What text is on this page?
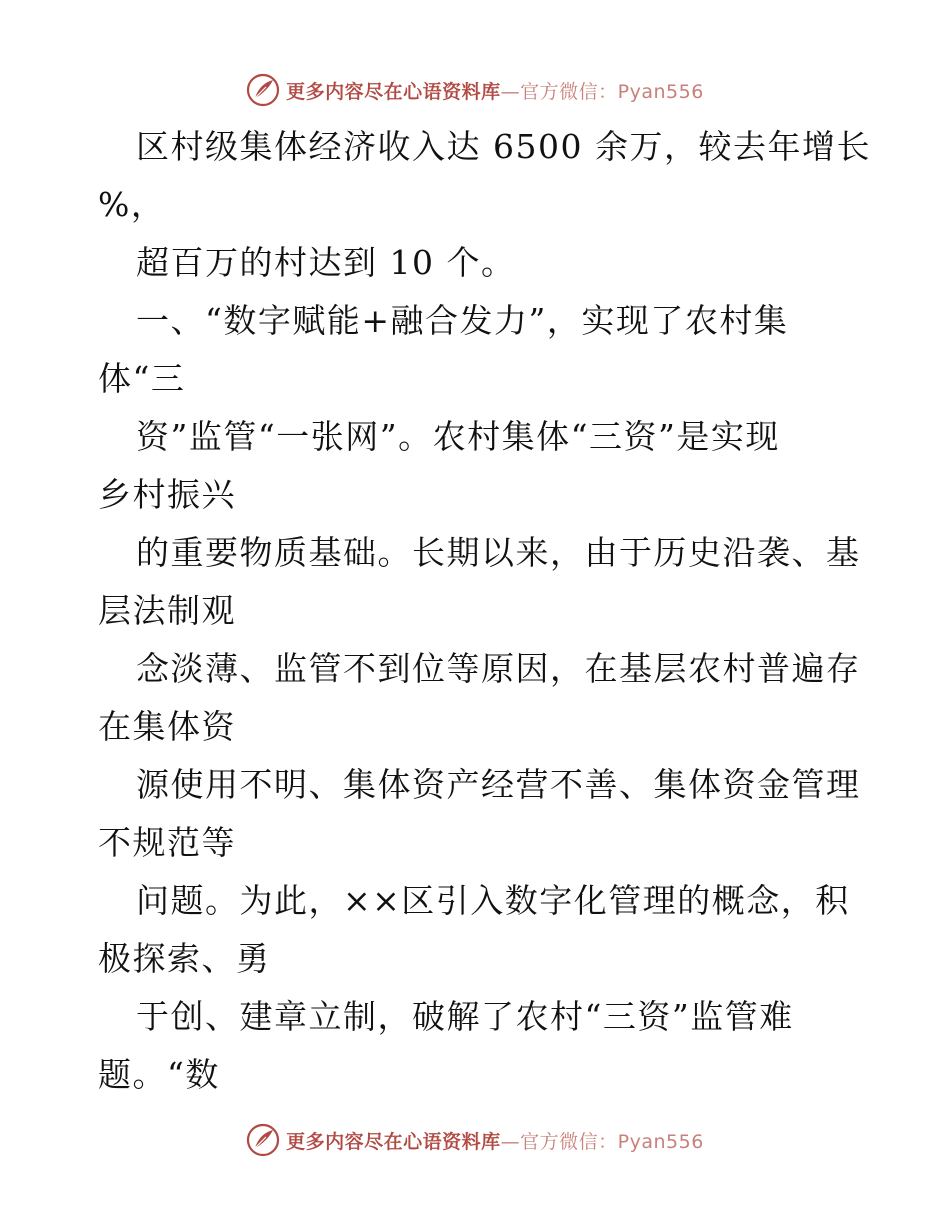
更多内容尽在心语资料库—官方微信：Pyan556
区村级集体经济收入达 6500 余万，较去年增长
%，
超百万的村达到 10 个。
一、“数字赋能+融合发力”，实现了农村集
体“三
资”监管“一张网”。农村集体“三资”是实现
乡村振兴
的重要物质基础。长期以来，由于历史沿袭、基
层法制观
念淡薄、监管不到位等原因，在基层农村普遍存
在集体资
源使用不明、集体资产经营不善、集体资金管理
不规范等
问题。为此，××区引入数字化管理的概念，积
极探索、勇
于创、建章立制，破解了农村“三资”监管难
题。“数
更多内容尽在心语资料库—官方微信：Pyan556
